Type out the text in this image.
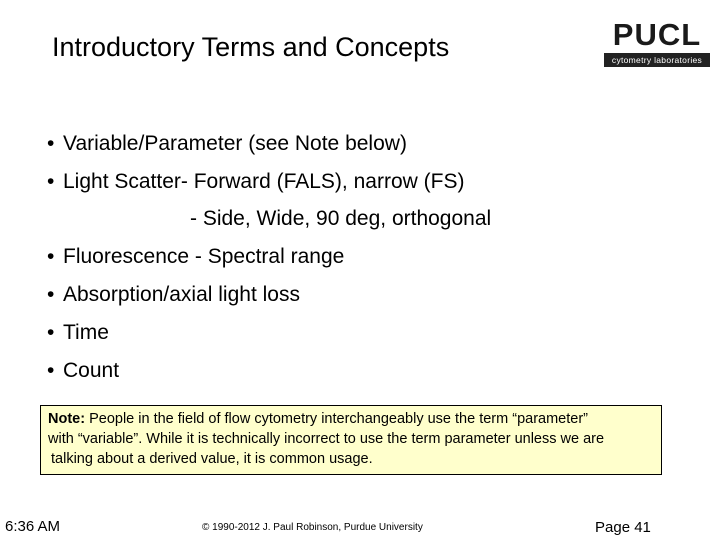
Introductory Terms and Concepts	PUCL
cytometry laboratories
• Variable/Parameter (see Note below)
• Light Scatter- Forward (FALS), narrow (FS)
- Side, Wide, 90 deg, orthogonal
• Fluorescence - Spectral range
• Absorption/axial light loss
• Time
• Count
Note: People in the field of flow cytometry interchangeably use the term “parameter”
with “variable”. While it is technically incorrect to use the term parameter unless we are
talking about a derived value, it is common usage.
6:36 AM	© 1990-2012 J. Paul Robinson, Purdue University	Page 41
